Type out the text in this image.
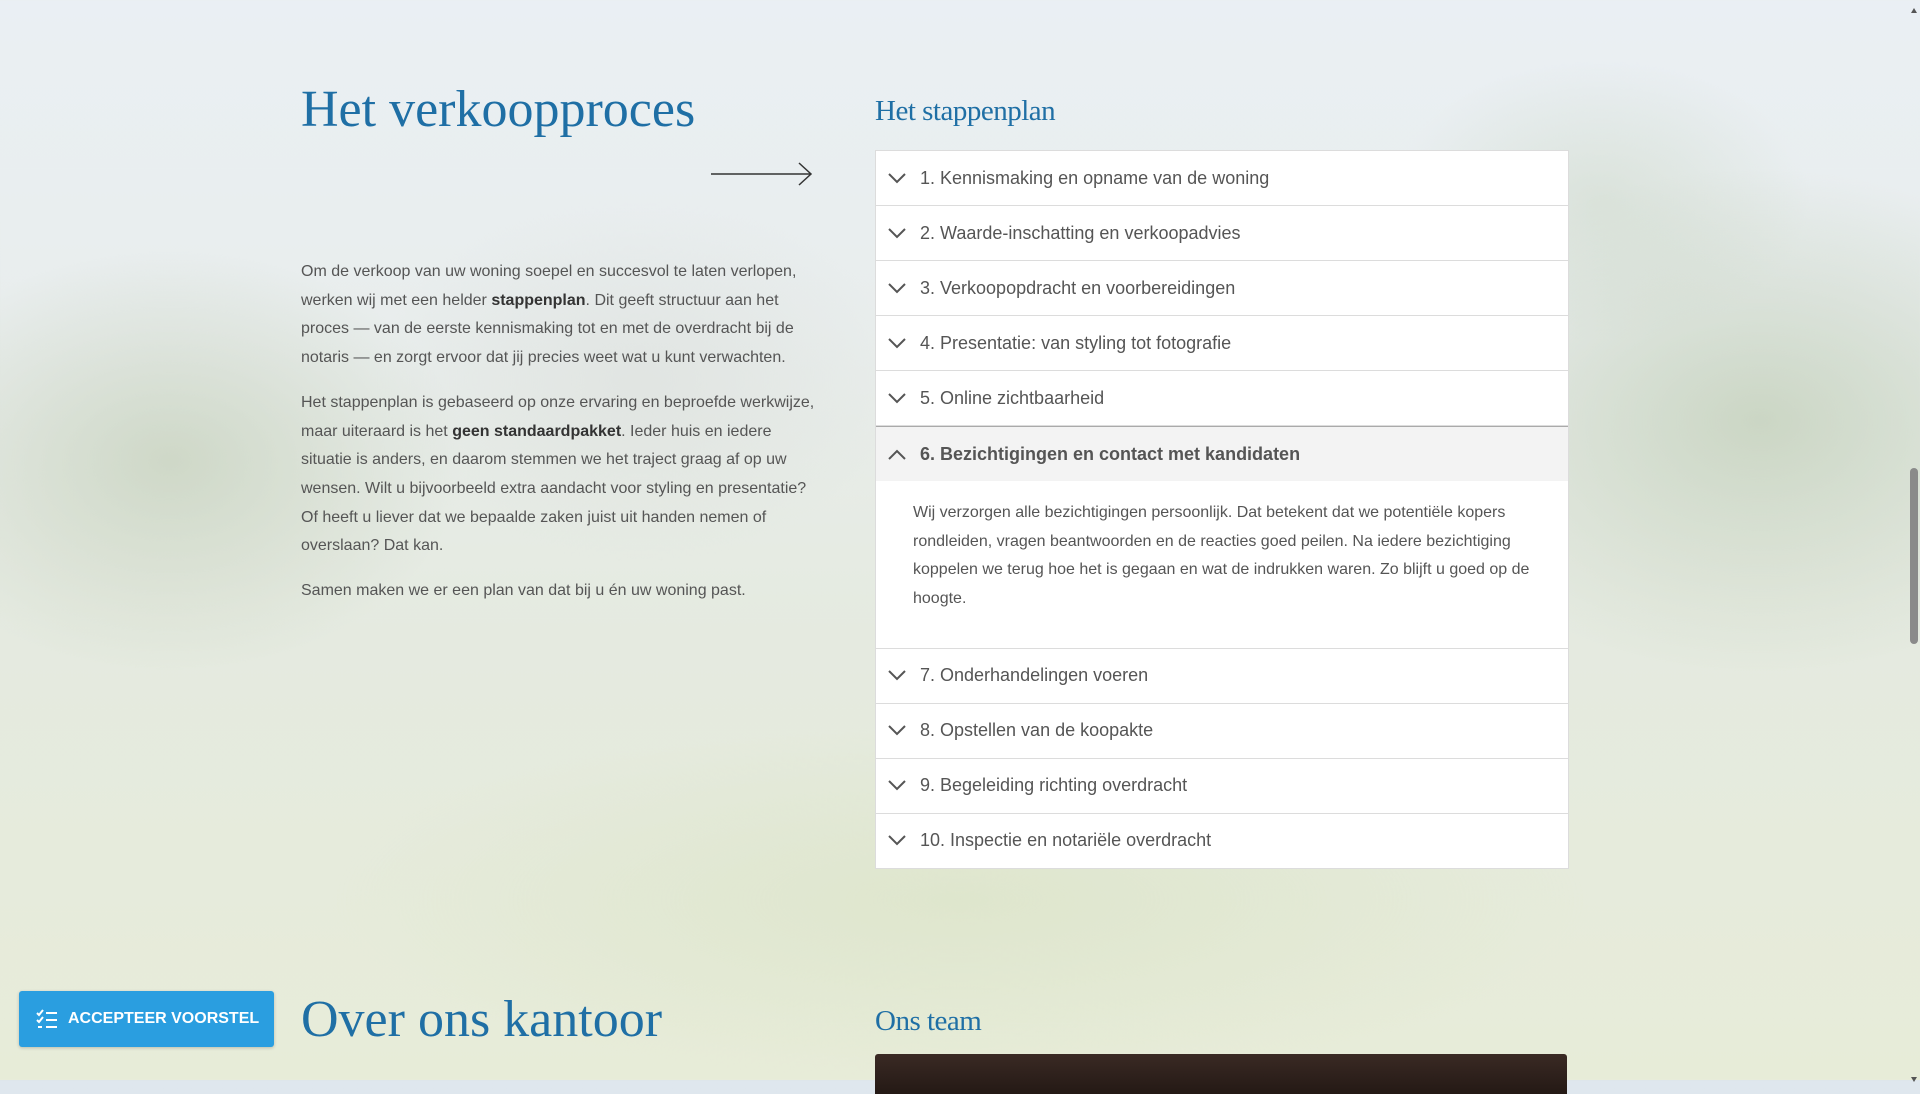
Het verkoopproces

Om de verkoop van uw woning soepel en succesvol te laten verlopen, werken wij met een helder stappenplan. Dit geeft structuur aan het proces — van de eerste kennismaking tot en met de overdracht bij de notaris — en zorgt ervoor dat jij precies weet wat u kunt verwachten.

Het stappenplan is gebaseerd op onze ervaring en beproefde werkwijze, maar uiteraard is het geen standaardpakket. Ieder huis en iedere situatie is anders, en daarom stemmen we het traject graag af op uw wensen. Wilt u bijvoorbeeld extra aandacht voor styling en presentatie? Of heeft u liever dat we bepaalde zaken juist uit handen nemen of overslaan? Dat kan.

Samen maken we er een plan van dat bij u én uw woning past.

Het stappenplan
1. Kennismaking en opname van de woning
2. Waarde-inschatting en verkoopadvies
3. Verkoopopdracht en voorbereidingen
4. Presentatie: van styling tot fotografie
5. Online zichtbaarheid
6. Bezichtigingen en contact met kandidaten
Wij verzorgen alle bezichtigingen persoonlijk. Dat betekent dat we potentiële kopers rondleiden, vragen beantwoorden en de reacties goed peilen. Na iedere bezichtiging koppelen we terug hoe het is gegaan en wat de indrukken waren. Zo blijft u goed op de hoogte.
7. Onderhandelingen voeren
8. Opstellen van de koopakte
9. Begeleiding richting overdracht
10. Inspectie en notariële overdracht
ACCEPTEER VOORSTEL Over ons kantoor	Ons team
